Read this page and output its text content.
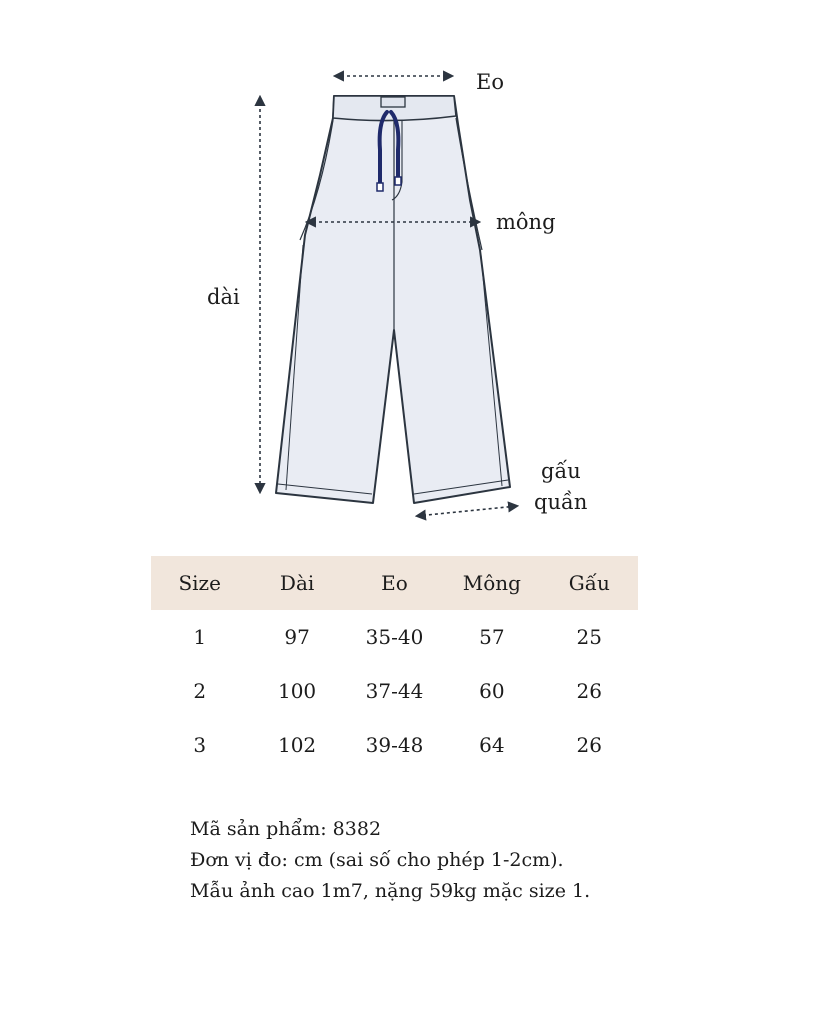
Eo
mông
dài
gấu
quần
Size	Dài	Eo	Mông	Gấu
1	97	35-40	57	25
2	100	37-44	60	26
3	102	39-48	64	26
Mã sản phẩm: 8382
Đơn vị đo: cm (sai số cho phép 1-2cm).
Mẫu ảnh cao 1m7, nặng 59kg mặc size 1.
